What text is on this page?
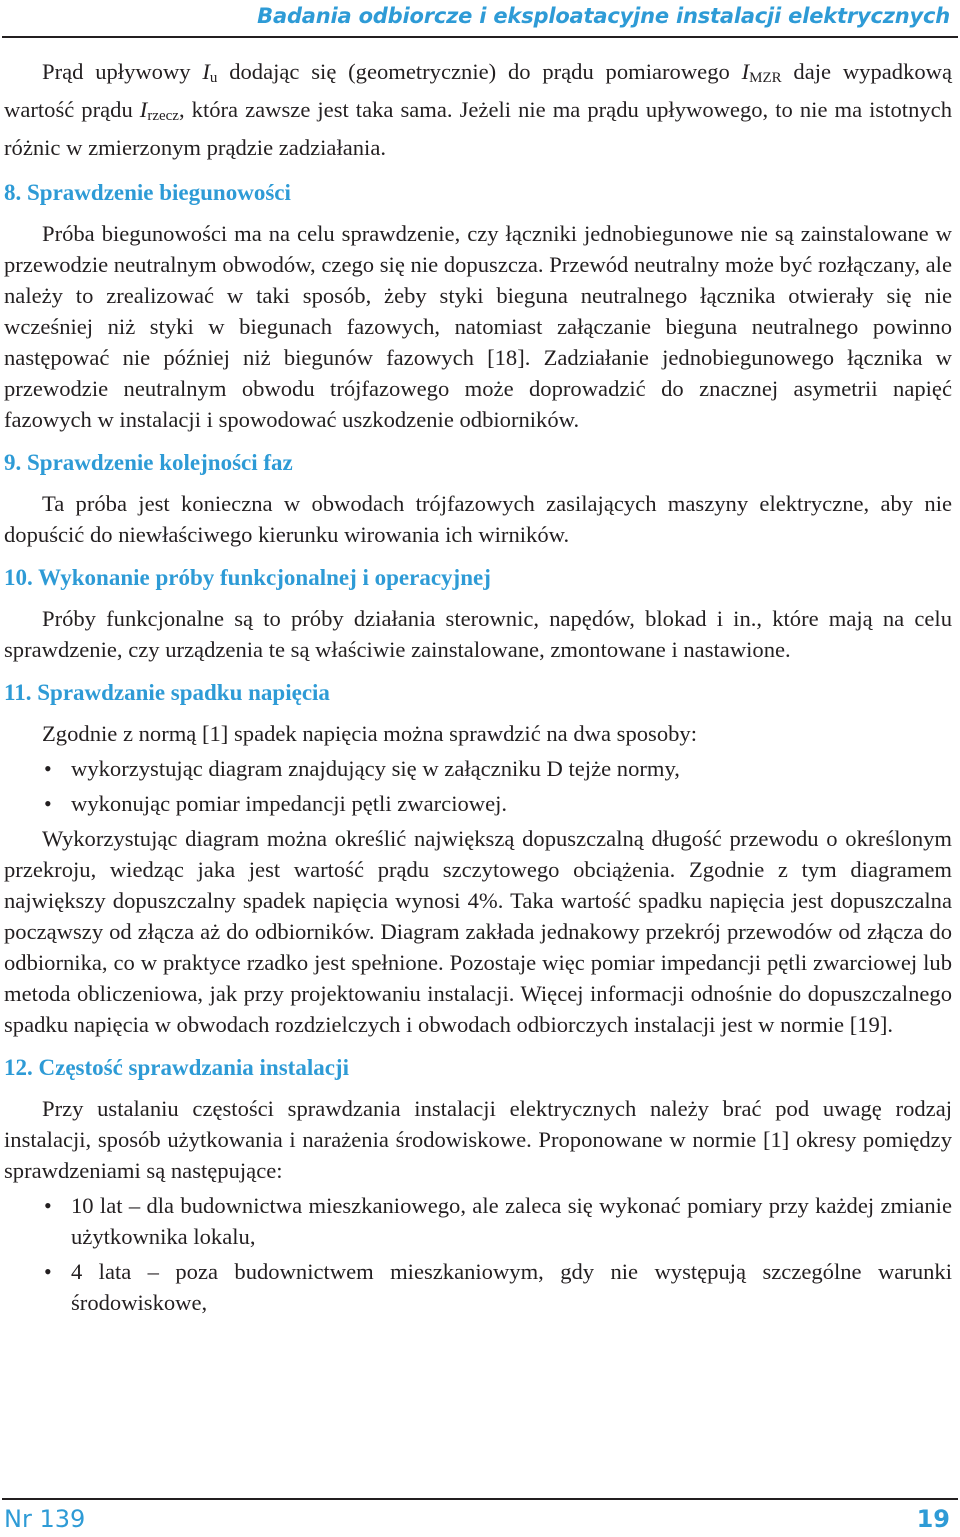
Badania odbiorcze i eksploatacyjne instalacji elektrycznych

Prąd upływowy $I_u$ dodając się (geometrycznie) do prądu pomiarowego $I_{MZR}$ daje wypadkową wartość prądu $I_{rzecz}$, która zawsze jest taka sama. Jeżeli nie ma prądu upływowego, to nie ma istotnych różnic w zmierzonym prądzie zadziałania.

8. Sprawdzenie biegunowości

Próba biegunowości ma na celu sprawdzenie, czy łączniki jednobiegunowe nie są zainstalowane w przewodzie neutralnym obwodów, czego się nie dopuszcza. Przewód neutralny może być rozłączany, ale należy to zrealizować w taki sposób, żeby styki bieguna neutralnego łącznika otwierały się nie wcześniej niż styki w biegunach fazowych, natomiast załączanie bieguna neutralnego powinno następować nie później niż biegunów fazowych [18]. Zadziałanie jednobiegunowego łącznika w przewodzie neutralnym obwodu trójfazowego może doprowadzić do znacznej asymetrii napięć fazowych w instalacji i spowodować uszkodzenie odbiorników.

9. Sprawdzenie kolejności faz

Ta próba jest konieczna w obwodach trójfazowych zasilających maszyny elektryczne, aby nie dopuścić do niewłaściwego kierunku wirowania ich wirników.

10. Wykonanie próby funkcjonalnej i operacyjnej

Próby funkcjonalne są to próby działania sterownic, napędów, blokad i in., które mają na celu sprawdzenie, czy urządzenia te są właściwie zainstalowane, zmontowane i nastawione.

11. Sprawdzanie spadku napięcia

Zgodnie z normą [1] spadek napięcia można sprawdzić na dwa sposoby:

• wykorzystując diagram znajdujący się w załączniku D tejże normy,
• wykonując pomiar impedancji pętli zwarciowej.

Wykorzystując diagram można określić największą dopuszczalną długość przewodu o określonym przekroju, wiedząc jaka jest wartość prądu szczytowego obciążenia. Zgodnie z tym diagramem największy dopuszczalny spadek napięcia wynosi 4%. Taka wartość spadku napięcia jest dopuszczalna począwszy od złącza aż do odbiorników. Diagram zakłada jednakowy przekrój przewodów od złącza do odbiornika, co w praktyce rzadko jest spełnione. Pozostaje więc pomiar impedancji pętli zwarciowej lub metoda obliczeniowa, jak przy projektowaniu instalacji. Więcej informacji odnośnie do dopuszczalnego spadku napięcia w obwodach rozdzielczych i obwodach odbiorczych instalacji jest w normie [19].

12. Częstość sprawdzania instalacji

Przy ustalaniu częstości sprawdzania instalacji elektrycznych należy brać pod uwagę rodzaj instalacji, sposób użytkowania i narażenia środowiskowe. Proponowane w normie [1] okresy pomiędzy sprawdzeniami są następujące:

• 10 lat – dla budownictwa mieszkaniowego, ale zaleca się wykonać pomiary przy każdej zmianie użytkownika lokalu,
• 4 lata – poza budownictwem mieszkaniowym, gdy nie występują szczególne warunki środowiskowe,
Nr 139	19
